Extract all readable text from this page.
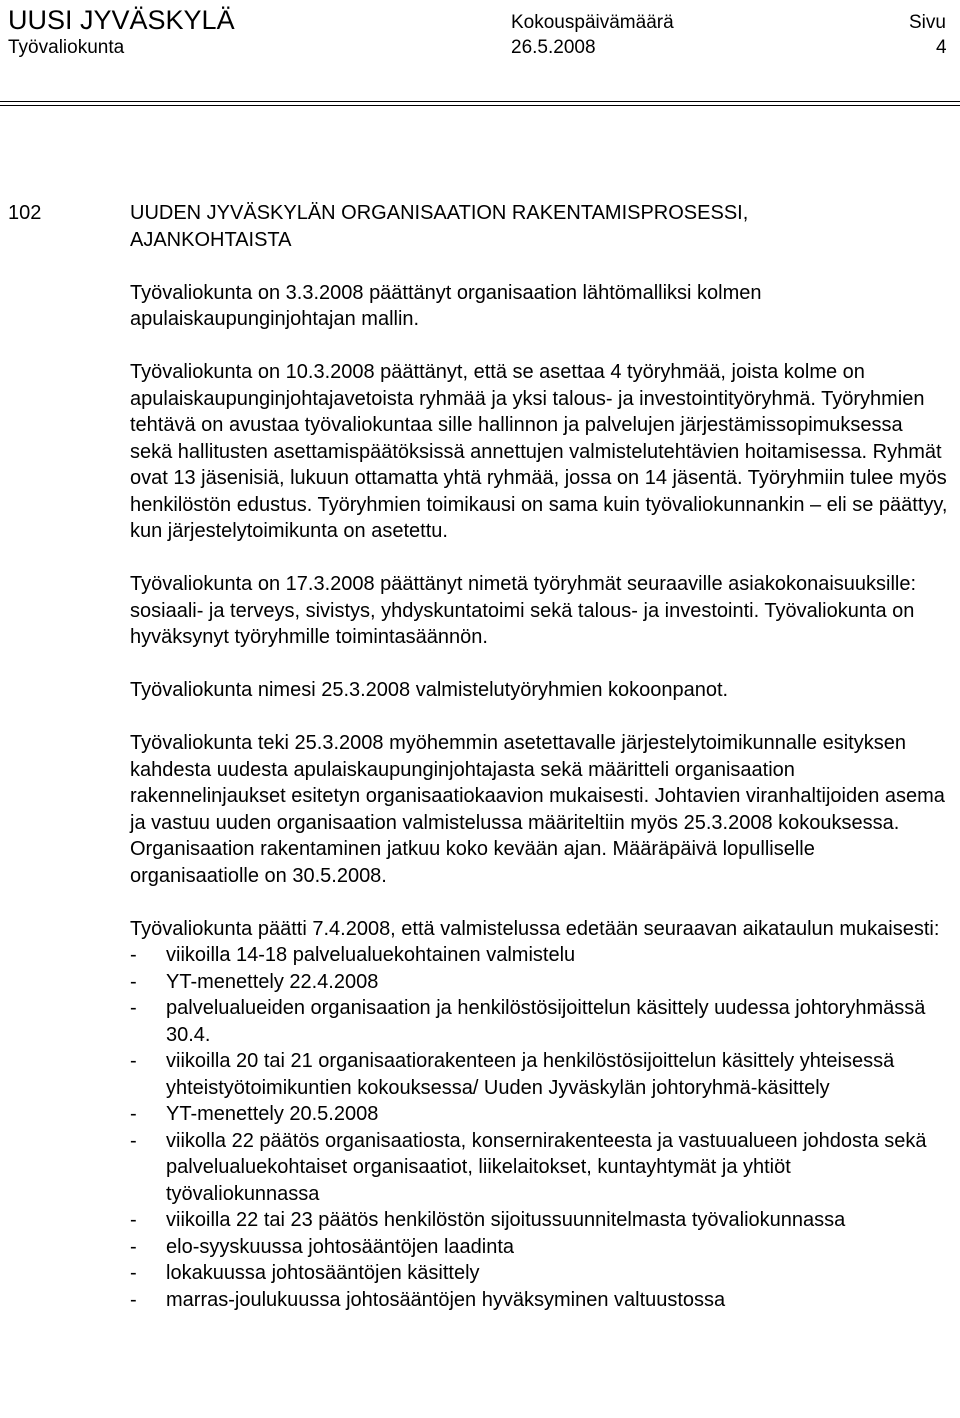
UUSI JYVÄSKYLÄ
Työvaliokunta
Kokouspäivämäärä
26.5.2008
Sivu
4
102	UUDEN JYVÄSKYLÄN ORGANISAATION RAKENTAMISPROSESSI, AJANKOHTAISTA

Työvaliokunta on 3.3.2008 päättänyt organisaation lähtömalliksi kolmen apulaiskaupunginjohtajan mallin.

Työvaliokunta on 10.3.2008 päättänyt, että se asettaa 4 työryhmää, joista kolme on apulaiskaupunginjohtajavetoista ryhmää ja yksi talous- ja investointityöryhmä. Työryhmien tehtävä on avustaa työvaliokuntaa sille hallinnon ja palvelujen järjestämissopimuksessa sekä hallitusten asettamispäätöksissä annettujen valmistelutehtävien hoitamisessa. Ryhmät ovat 13 jäsenisiä, lukuun ottamatta yhtä ryhmää, jossa on 14 jäsentä. Työryhmiin tulee myös henkilöstön edustus. Työryhmien toimikausi on sama kuin työvaliokunnankin – eli se päättyy, kun järjestelytoimikunta on asetettu.

Työvaliokunta on 17.3.2008 päättänyt nimetä työryhmät seuraaville asiakokonaisuuksille: sosiaali- ja terveys, sivistys, yhdyskuntatoimi sekä talous- ja investointi. Työvaliokunta on hyväksynyt työryhmille toimintasäännön.

Työvaliokunta nimesi 25.3.2008 valmistelutyöryhmien kokoonpanot.

Työvaliokunta teki 25.3.2008 myöhemmin asetettavalle järjestelytoimikunnalle esityksen kahdesta uudesta apulaiskaupunginjohtajasta sekä määritteli organisaation rakennelinjaukset esitetyn organisaatiokaavion mukaisesti. Johtavien viranhaltijoiden asema ja vastuu uuden organisaation valmistelussa määriteltiin myös 25.3.2008 kokouksessa. Organisaation rakentaminen jatkuu koko kevään ajan. Määräpäivä lopulliselle organisaatiolle on 30.5.2008.

Työvaliokunta päätti 7.4.2008, että valmistelussa edetään seuraavan aikataulun mukaisesti:
- viikoilla 14-18 palvelualuekohtainen valmistelu
- YT-menettely 22.4.2008
- palvelualueiden organisaation ja henkilöstösijoittelun käsittely uudessa johtoryhmässä 30.4.
- viikoilla 20 tai 21 organisaatiorakenteen ja henkilöstösijoittelun käsittely yhteisessä yhteistyötoimikuntien kokouksessa/ Uuden Jyväskylän johtoryhmä-käsittely
- YT-menettely 20.5.2008
- viikolla 22 päätös organisaatiosta, konsernirakenteesta ja vastuualueen johdosta sekä palvelualuekohtaiset organisaatiot, liikelaitokset, kuntayhtymät ja yhtiöt työvaliokunnassa
- viikoilla 22 tai 23 päätös henkilöstön sijoitussuunnitelmasta työvaliokunnassa
- elo-syyskuussa johtosääntöjen laadinta
- lokakuussa johtosääntöjen käsittely
- marras-joulukuussa johtosääntöjen hyväksyminen valtuustossa
